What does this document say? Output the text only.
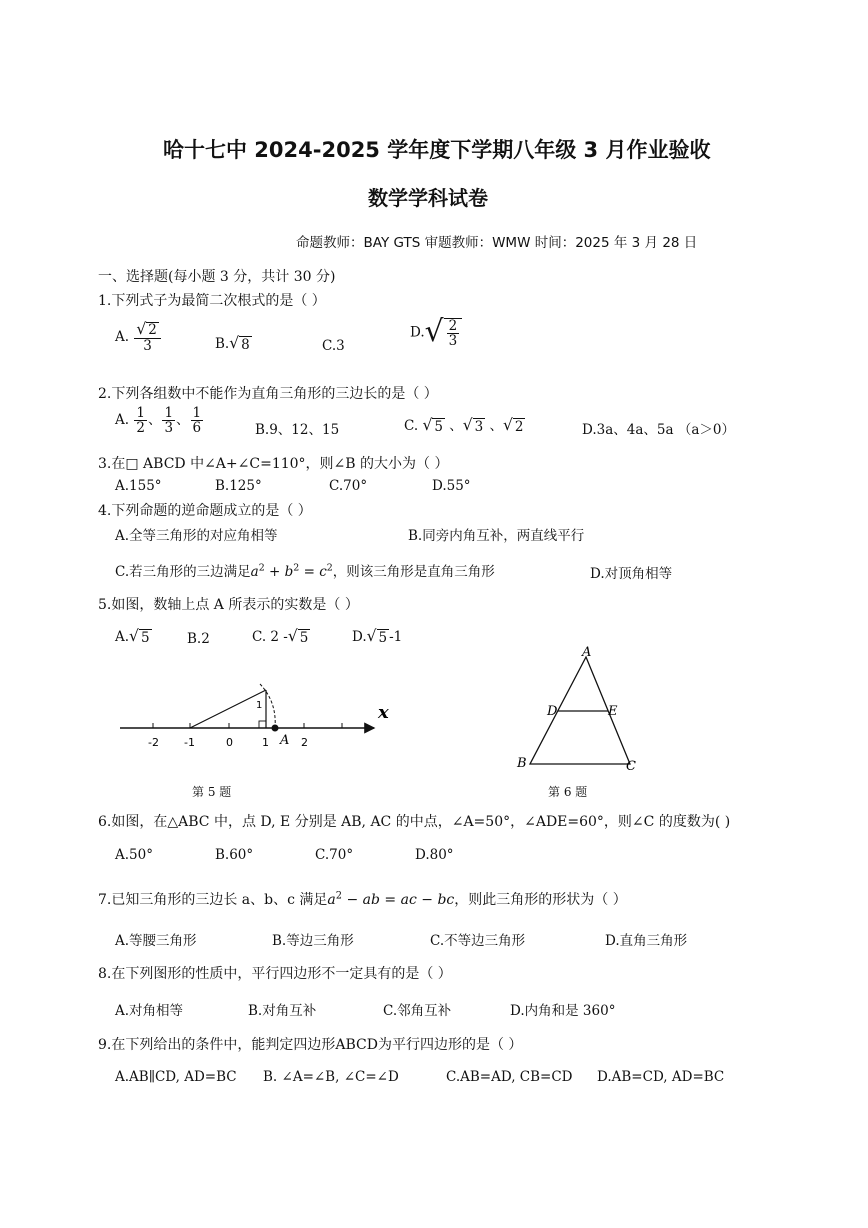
哈十七中 2024-2025 学年度下学期八年级 3 月作业验收
数学学科试卷
命题教师：BAY GTS 审题教师：WMW 时间：2025 年 3 月 28 日
一、选择题(每小题 3 分，共计 30 分)
1.下列式子为最简二次根式的是（ ）
A. $\frac{√ 2}{3}$	B. √ 8	C.3
D. √ $\frac{2}{3}$
2.下列各组数中不能作为直角三角形的三边长的是（ ）
A. $\frac{1}{2}$ 、 $\frac{1}{3}$ 、 $\frac{1}{6}$	B.9、12、15	C. √ 5 、 √ 3 、 √ 2	D.3a、4a、5a （a＞0）
3.在□ ABCD 中∠A+∠C=110°，则∠B 的大小为（ ）
A.155°	B.125°	C.70°	D.55°
4.下列命题的逆命题成立的是（ ）
A.全等三角形的对应角相等	B.同旁内角互补，两直线平行
C.若三角形的三边满足$a^2 + b^2 = c^2$，则该三角形是直角三角形	D.对顶角相等
5.如图，数轴上点 A 所表示的实数是（ ）
A. √ 5	B.2	C. 2 - √ 5	D. √ 5 -1
x
-2 -1	0	1	2
A
1
第 5 题
A
D	E
B	C
第 6 题
6.如图，在△ABC 中，点 D, E 分别是 AB, AC 的中点，∠A=50°，∠ADE=60°，则∠C 的度数为( )
A.50°	B.60°	C.70°	D.80°
7.已知三角形的三边长 a、b、c 满足$a^2$ − ab = ac − bc，则此三角形的形状为（ ）
A.等腰三角形	B.等边三角形	C.不等边三角形	D.直角三角形
8.在下列图形的性质中，平行四边形不一定具有的是（ ）
A.对角相等	B.对角互补	C.邻角互补	D.内角和是 360°
9.在下列给出的条件中，能判定四边形ABCD为平行四边形的是（ ）
A.AB∥CD, AD=BC B. ∠A=∠B, ∠C=∠D	C.AB=AD, CB=CD D.AB=CD, AD=BC
